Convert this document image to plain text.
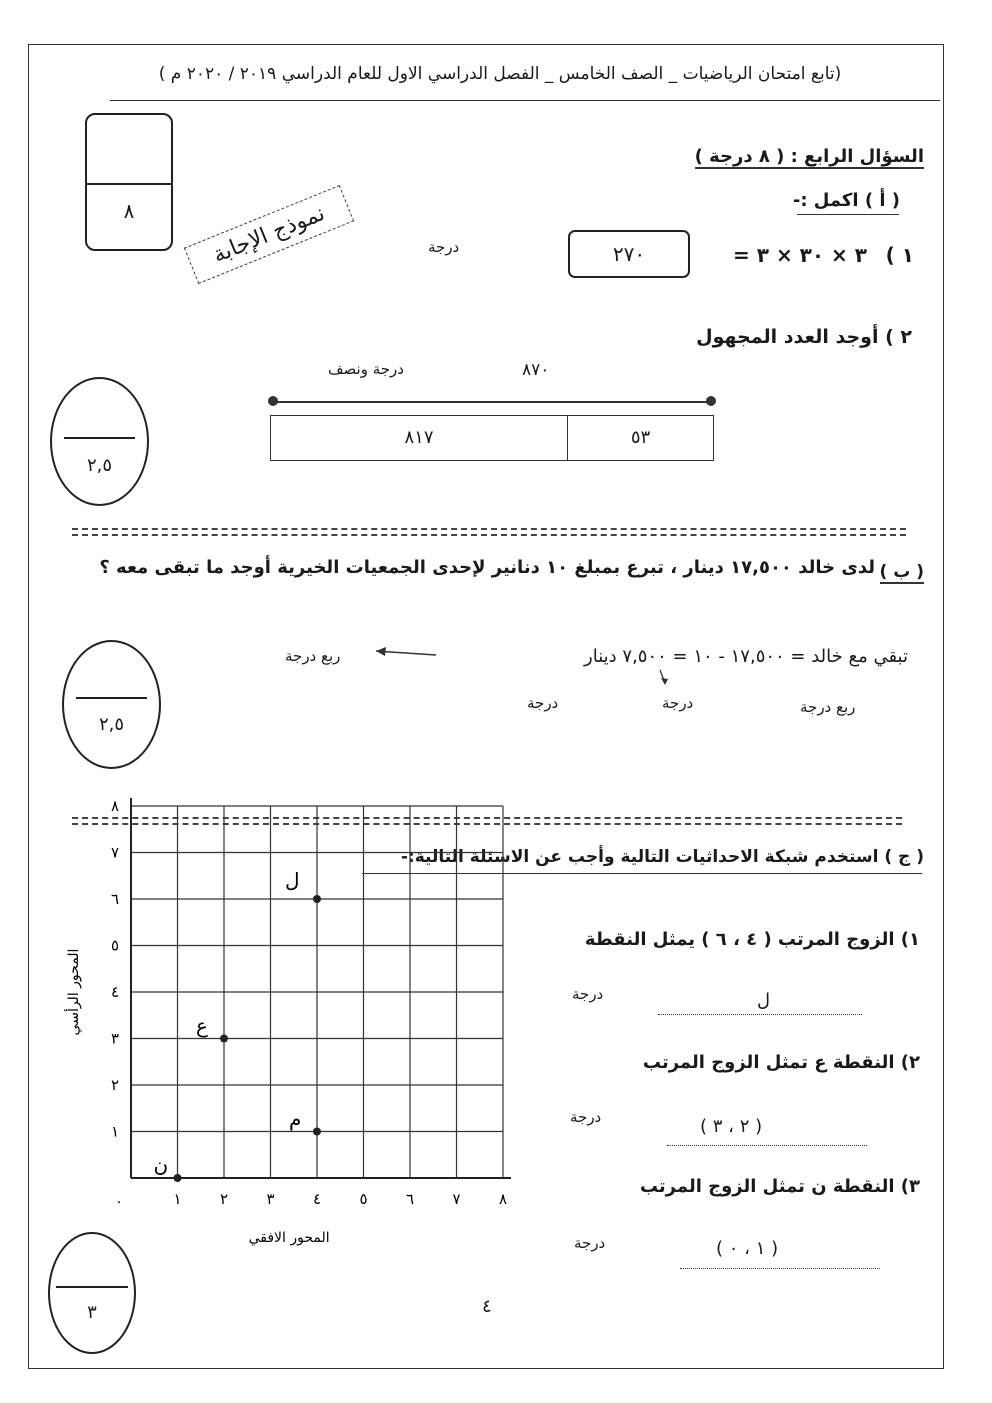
(تابع امتحان الرياضيات _ الصف الخامس _ الفصل الدراسي الاول للعام الدراسي ٢٠١٩ / ٢٠٢٠ م )
٨	نموذج الإجابة
السؤال الرابع : ( ٨ درجة )
( أ ) اكمل :-
١ )
٣ × ٣٠ × ٣ =
٢٧٠
درجة
٢ ) أوجد العدد المجهول
درجة ونصف	٨٧٠
٨١٧	٥٣
٢,٥
( ب )
لدى خالد ١٧,٥٠٠ دينار ، تبرع بمبلغ ١٠ دنانير لإحدى الجمعيات الخيرية أوجد ما تبقى معه ؟
تبقي مع خالد = ١٧,٥٠٠ - ١٠ = ٧,٥٠٠ دينار
ربع درجة
درجة
درجة	ربع درجة
٢,٥
( ج ) استخدم شبكة الاحداثيات التالية وأجب عن الاسئلة التالية:-
١) الزوج المرتب ( ٤ ، ٦ ) يمثل النقطة
درجة	ل
٢) النقطة ع تمثل الزوج المرتب
درجة	( ٢ ، ٣ )
٣) النقطة ن تمثل الزوج المرتب
درجة	( ١ ، ٠ )
١	٢	٣	٤	٥	٦	٧	٨
١
٢
٣
٤
٥
٦
٧
٨
٠
المحور الافقي
المحور الرأسي
ل
ع
م
ن
٣	٤
